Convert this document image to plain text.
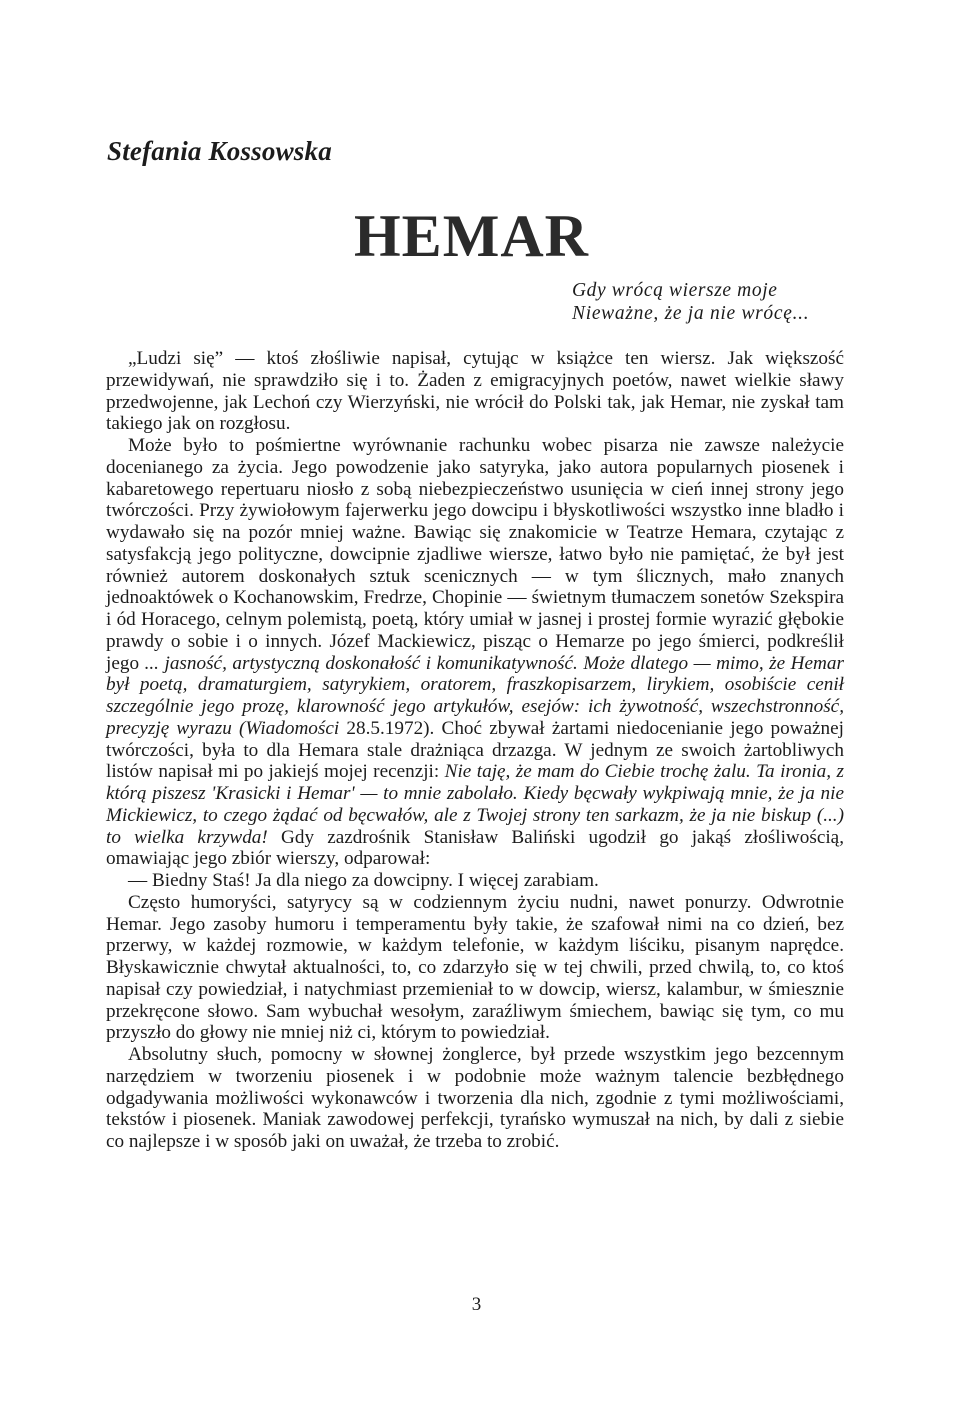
Stefania Kossowska
HEMAR
Gdy wrócą wiersze moje
Nieważne, że ja nie wrócę...

„Ludzi się” — ktoś złośliwie napisał, cytując w książce ten wiersz. Jak większość przewidywań, nie sprawdziło się i to. Żaden z emigracyjnych poetów, nawet wielkie sławy przedwojenne, jak Lechoń czy Wierzyński, nie wrócił do Polski tak, jak Hemar, nie zyskał tam takiego jak on rozgłosu.

Może było to pośmiertne wyrównanie rachunku wobec pisarza nie zawsze należycie docenianego za życia. Jego powodzenie jako satyryka, jako autora popularnych piosenek i kabaretowego repertuaru niosło z sobą niebezpieczeństwo usunięcia w cień innej strony jego twórczości. Przy żywiołowym fajerwerku jego dowcipu i błyskotliwości wszystko inne bladło i wydawało się na pozór mniej ważne. Bawiąc się znakomicie w Teatrze Hemara, czytając z satysfakcją jego polityczne, dowcipnie zjadliwe wiersze, łatwo było nie pamiętać, że był jest również autorem doskonałych sztuk scenicznych — w tym ślicznych, mało znanych jednoaktówek o Kochanowskim, Fredrze, Chopinie — świetnym tłumaczem sonetów Szekspira i ód Horacego, celnym polemistą, poetą, który umiał w jasnej i prostej formie wyrazić głębokie prawdy o sobie i o innych. Józef Mackiewicz, pisząc o Hemarze po jego śmierci, podkreślił jego ... jasność, artystyczną doskonałość i komunikatywność. Może dlatego — mimo, że Hemar był poetą, dramaturgiem, satyrykiem, oratorem, fraszkopisarzem, lirykiem, osobiście cenił szczególnie jego prozę, klarowność jego artykułów, esejów: ich żywotność, wszechstronność, precyzję wyrazu (Wiadomości 28.5.1972). Choć zbywał żartami niedocenianie jego poważnej twórczości, była to dla Hemara stale drażniąca drzazga. W jednym ze swoich żartobliwych listów napisał mi po jakiejś mojej recenzji: Nie taję, że mam do Ciebie trochę żalu. Ta ironia, z którą piszesz 'Krasicki i Hemar' — to mnie zabolało. Kiedy bęcwały wykpiwają mnie, że ja nie Mickiewicz, to czego żądać od bęcwałów, ale z Twojej strony ten sarkazm, że ja nie biskup (...) to wielka krzywda! Gdy zazdrośnik Stanisław Baliński ugodził go jakąś złośliwością, omawiając jego zbiór wierszy, odparował:

— Biedny Staś! Ja dla niego za dowcipny. I więcej zarabiam.

Często humoryści, satyrycy są w codziennym życiu nudni, nawet ponurzy. Odwrotnie Hemar. Jego zasoby humoru i temperamentu były takie, że szafował nimi na co dzień, bez przerwy, w każdej rozmowie, w każdym telefonie, w każdym liściku, pisanym naprędce. Błyskawicznie chwytał aktualności, to, co zdarzyło się w tej chwili, przed chwilą, to, co ktoś napisał czy powiedział, i natychmiast przemieniał to w dowcip, wiersz, kalambur, w śmiesznie przekręcone słowo. Sam wybuchał wesołym, zaraźliwym śmiechem, bawiąc się tym, co mu przyszło do głowy nie mniej niż ci, którym to powiedział.

Absolutny słuch, pomocny w słownej żonglerce, był przede wszystkim jego bezcennym narzędziem w tworzeniu piosenek i w podobnie może ważnym talencie bezbłędnego odgadywania możliwości wykonawców i tworzenia dla nich, zgodnie z tymi możliwościami, tekstów i piosenek. Maniak zawodowej perfekcji, tyrańsko wymuszał na nich, by dali z siebie co najlepsze i w sposób jaki on uważał, że trzeba to zrobić.

3
